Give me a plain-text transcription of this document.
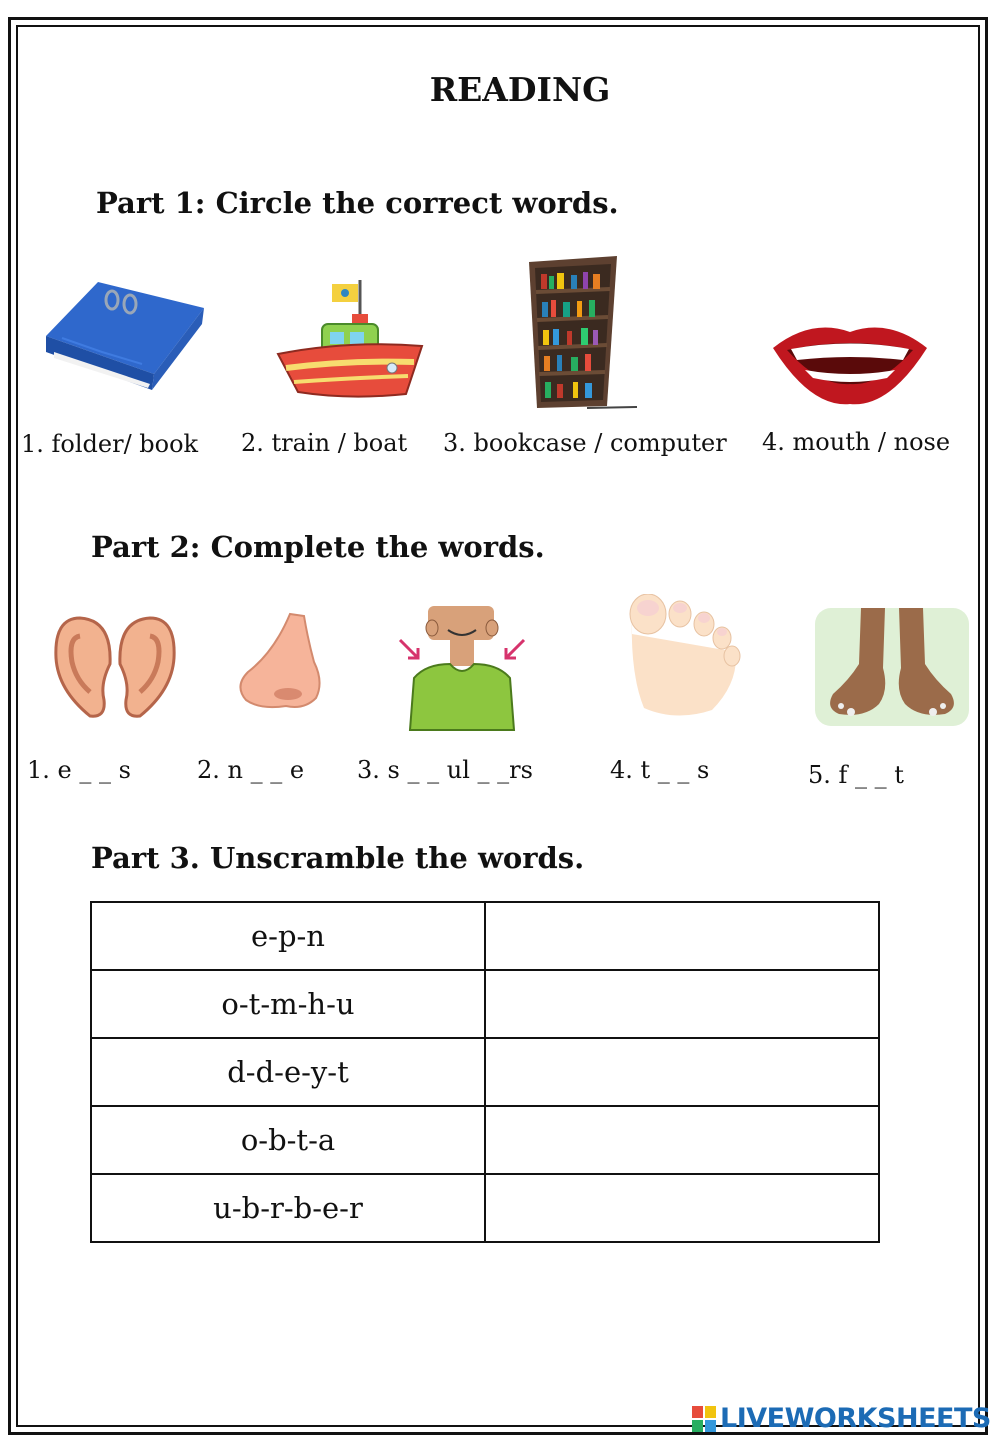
READING
Part 1: Circle the correct words.
1. folder/ book 2. train / boat 3. bookcase / computer 4. mouth / nose
Part 2: Complete the words.
1. e _ _ s	2. n _ _ e 3. s _ _ ul _ _rs	4. t _ _ s	5. f _ _ t
Part 3. Unscramble the words.
e-p-n	
o-t-m-h-u	
d-d-e-y-t	
o-b-t-a	
u-b-r-b-e-r	
LIVEWORKSHEETS
